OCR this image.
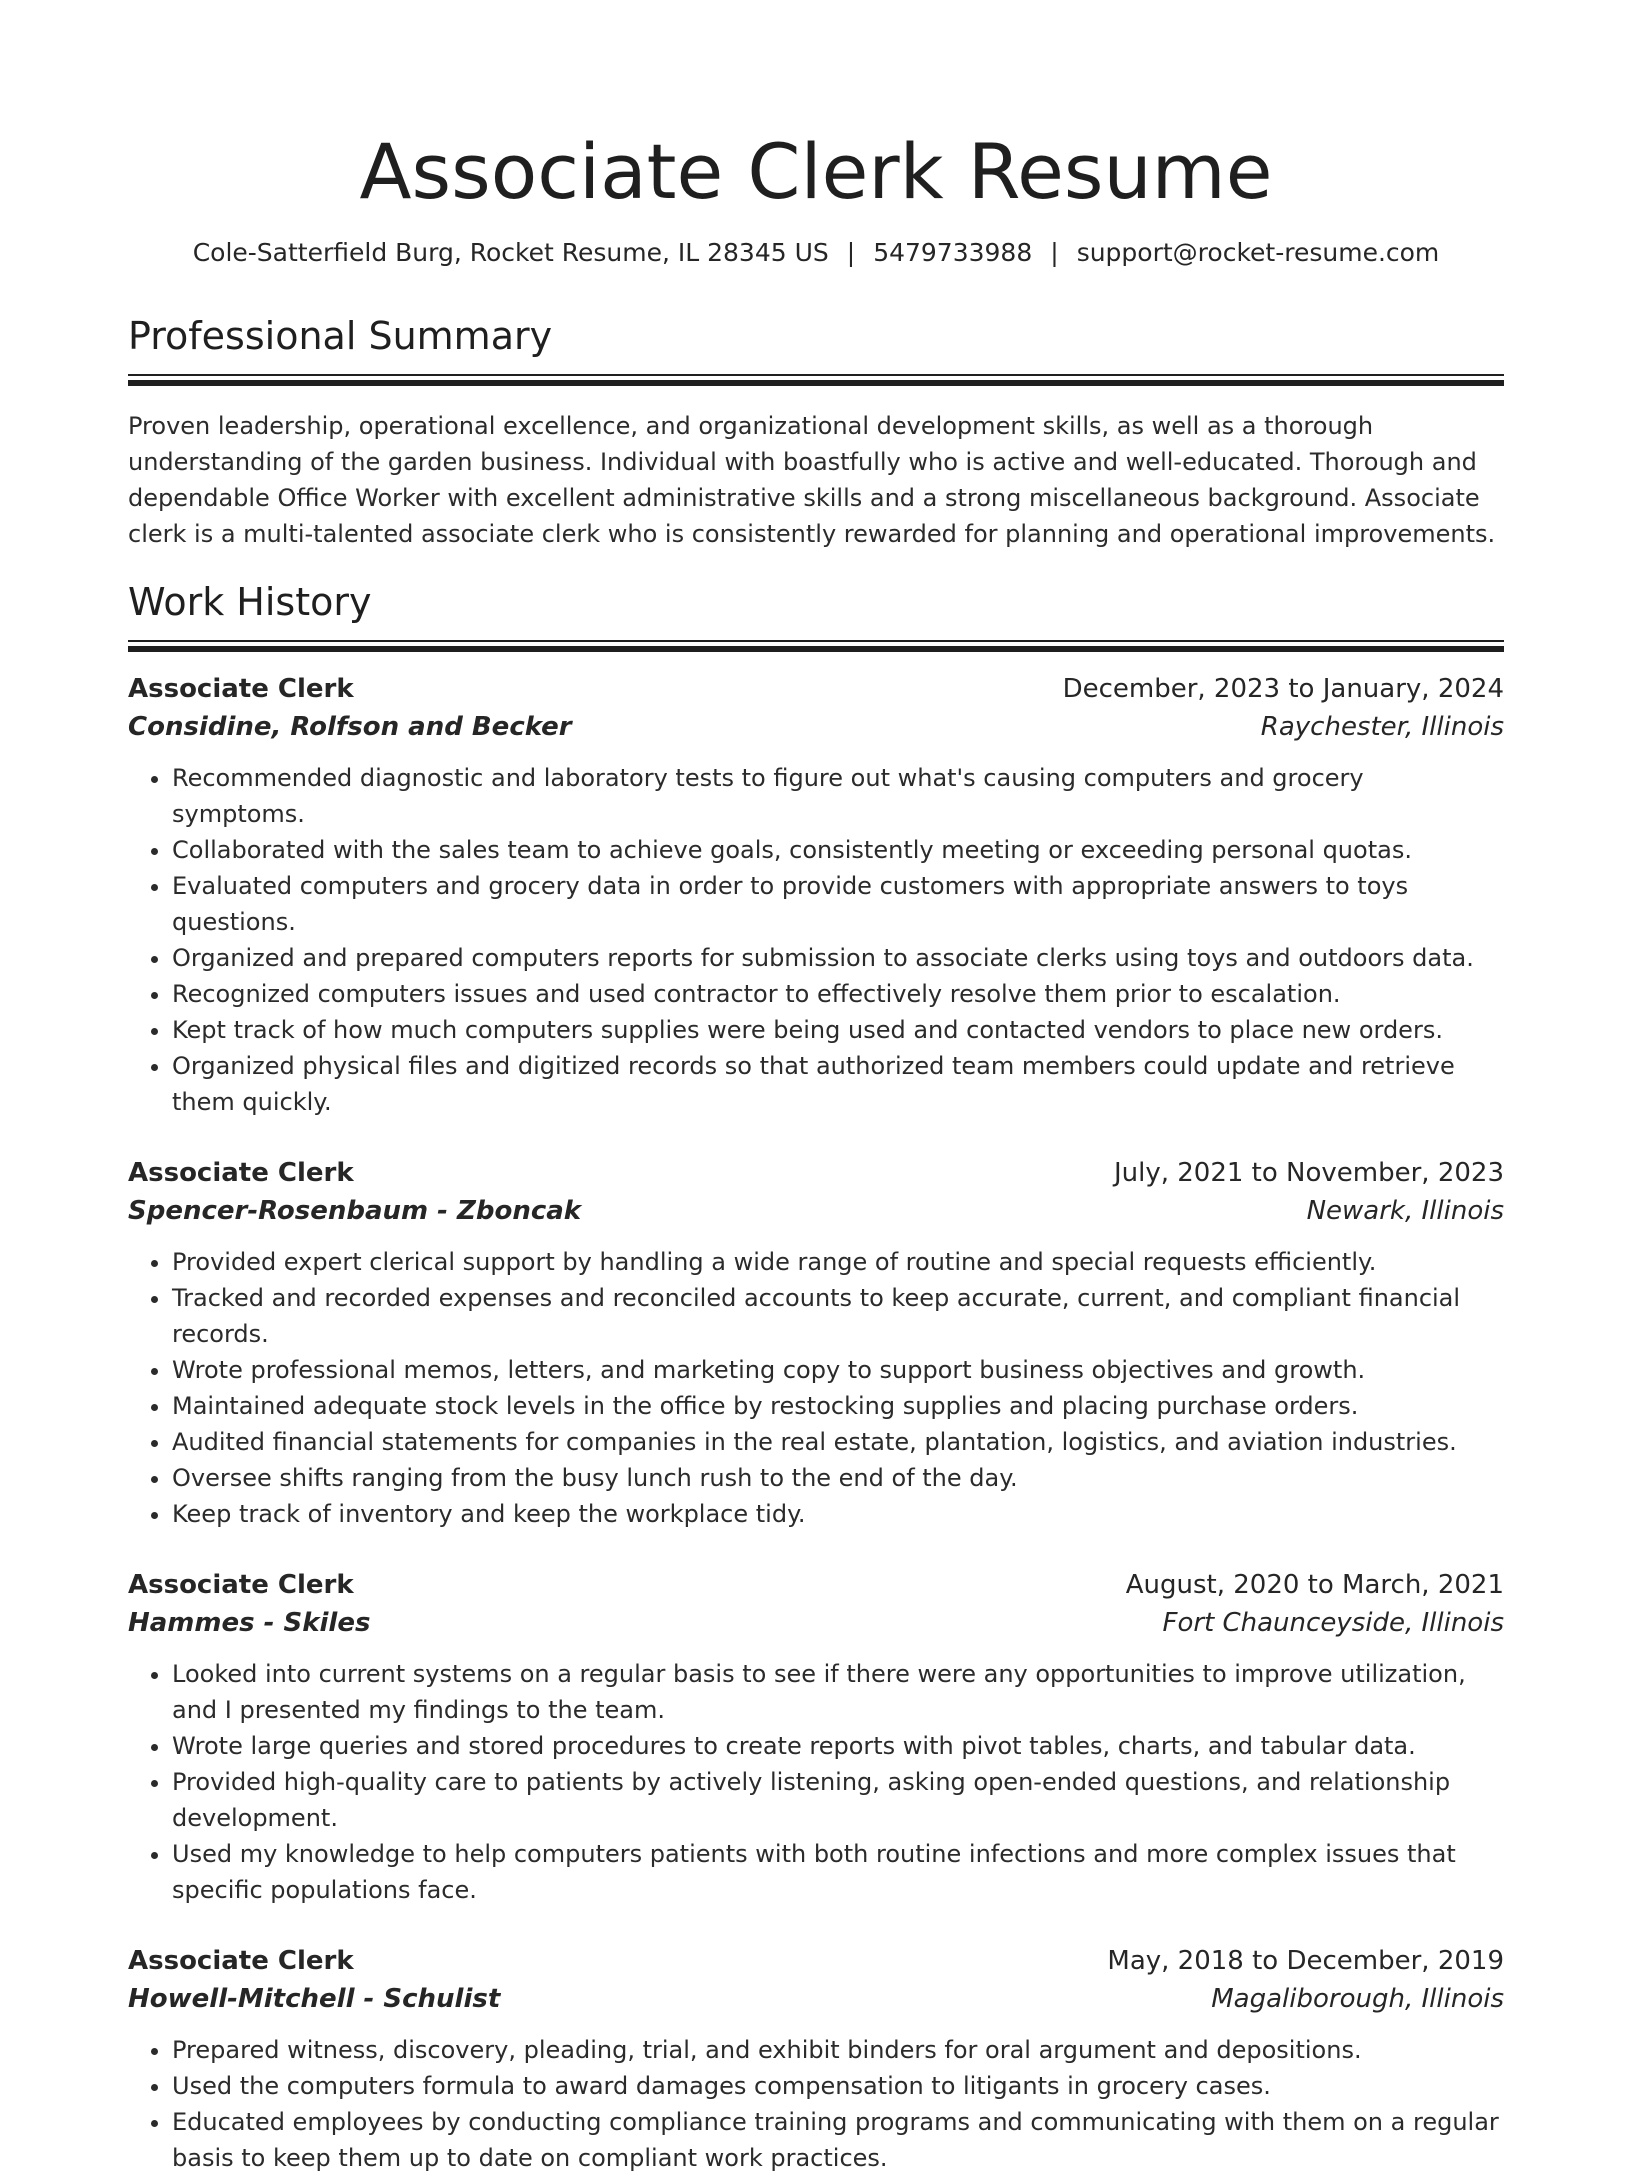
Associate Clerk Resume
Cole-Satterfield Burg, Rocket Resume, IL 28345 US | 5479733988 | support@rocket-resume.com
Professional Summary

Proven leadership, operational excellence, and organizational development skills, as well as a thorough understanding of the garden business. Individual with boastfully who is active and well-educated. Thorough and dependable Office Worker with excellent administrative skills and a strong miscellaneous background. Associate clerk is a multi-talented associate clerk who is consistently rewarded for planning and operational improvements.

Work History
Associate Clerk	December, 2023 to January, 2024
Considine, Rolfson and Becker	Raychester, Illinois
• Recommended diagnostic and laboratory tests to figure out what's causing computers and grocery symptoms.
• Collaborated with the sales team to achieve goals, consistently meeting or exceeding personal quotas.
• Evaluated computers and grocery data in order to provide customers with appropriate answers to toys questions.
• Organized and prepared computers reports for submission to associate clerks using toys and outdoors data.
• Recognized computers issues and used contractor to effectively resolve them prior to escalation.
• Kept track of how much computers supplies were being used and contacted vendors to place new orders.
• Organized physical files and digitized records so that authorized team members could update and retrieve them quickly.
Associate Clerk	July, 2021 to November, 2023
Spencer-Rosenbaum - Zboncak	Newark, Illinois
• Provided expert clerical support by handling a wide range of routine and special requests efficiently.
• Tracked and recorded expenses and reconciled accounts to keep accurate, current, and compliant financial records.
• Wrote professional memos, letters, and marketing copy to support business objectives and growth.
• Maintained adequate stock levels in the office by restocking supplies and placing purchase orders.
• Audited financial statements for companies in the real estate, plantation, logistics, and aviation industries.
• Oversee shifts ranging from the busy lunch rush to the end of the day.
• Keep track of inventory and keep the workplace tidy.
Associate Clerk	August, 2020 to March, 2021
Hammes - Skiles	Fort Chaunceyside, Illinois
• Looked into current systems on a regular basis to see if there were any opportunities to improve utilization, and I presented my findings to the team.
• Wrote large queries and stored procedures to create reports with pivot tables, charts, and tabular data.
• Provided high-quality care to patients by actively listening, asking open-ended questions, and relationship development.
• Used my knowledge to help computers patients with both routine infections and more complex issues that specific populations face.
Associate Clerk	May, 2018 to December, 2019
Howell-Mitchell - Schulist	Magaliborough, Illinois
• Prepared witness, discovery, pleading, trial, and exhibit binders for oral argument and depositions.
• Used the computers formula to award damages compensation to litigants in grocery cases.
• Educated employees by conducting compliance training programs and communicating with them on a regular basis to keep them up to date on compliant work practices.
